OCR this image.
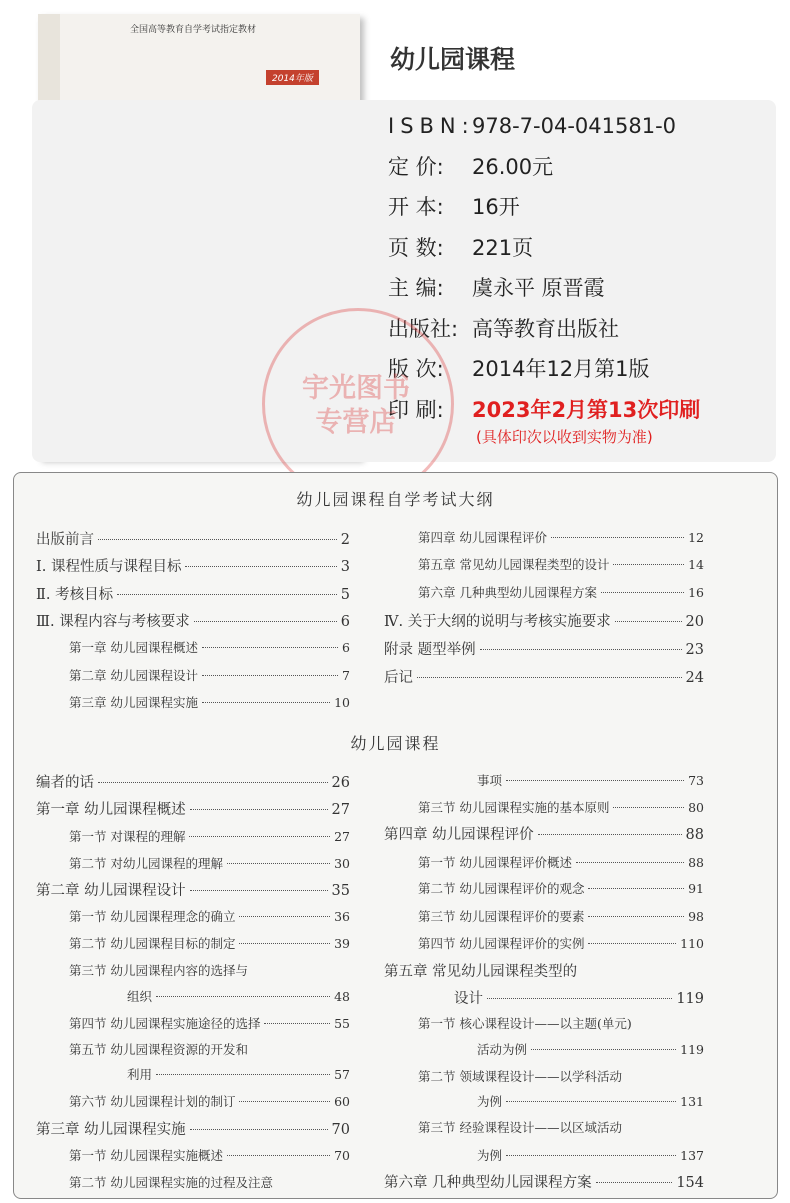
全国高等教育自学考试指定教材
2014年版
幼儿园课程
ISBN:978-7-04-041581-0
定 价: 26.00元
开 本: 16开
页 数: 221页
主 编: 虞永平 原晋霞
出版社: 高等教育出版社
版 次: 2014年12月第1版
印 刷: 2023年2月第13次印刷
(具体印次以收到实物为准)
宇光图书
专营店
幼儿园课程自学考试大纲
出版前言	2
Ⅰ. 课程性质与课程目标	3
Ⅱ. 考核目标	5
Ⅲ. 课程内容与考核要求	6
第一章 幼儿园课程概述	6
第二章 幼儿园课程设计	7
第三章 幼儿园课程实施	10
第四章 幼儿园课程评价	12
第五章 常见幼儿园课程类型的设计	14
第六章 几种典型幼儿园课程方案	16
Ⅳ. 关于大纲的说明与考核实施要求	20
附录 题型举例	23
后记	24
幼儿园课程
编者的话	26
第一章 幼儿园课程概述	27
第一节 对课程的理解	27
第二节 对幼儿园课程的理解	30
第二章 幼儿园课程设计	35
第一节 幼儿园课程理念的确立	36
第二节 幼儿园课程目标的制定	39
第三节 幼儿园课程内容的选择与
组织	48
第四节 幼儿园课程实施途径的选择	55
第五节 幼儿园课程资源的开发和
利用	57
第六节 幼儿园课程计划的制订	60
第三章 幼儿园课程实施	70
第一节 幼儿园课程实施概述	70
第二节 幼儿园课程实施的过程及注意
事项	73
第三节 幼儿园课程实施的基本原则	80
第四章 幼儿园课程评价	88
第一节 幼儿园课程评价概述	88
第二节 幼儿园课程评价的观念	91
第三节 幼儿园课程评价的要素	98
第四节 幼儿园课程评价的实例	110
第五章 常见幼儿园课程类型的
设计	119
第一节 核心课程设计——以主题(单元)
活动为例	119
第二节 领域课程设计——以学科活动
为例	131
第三节 经验课程设计——以区域活动
为例	137
第六章 几种典型幼儿园课程方案	154
